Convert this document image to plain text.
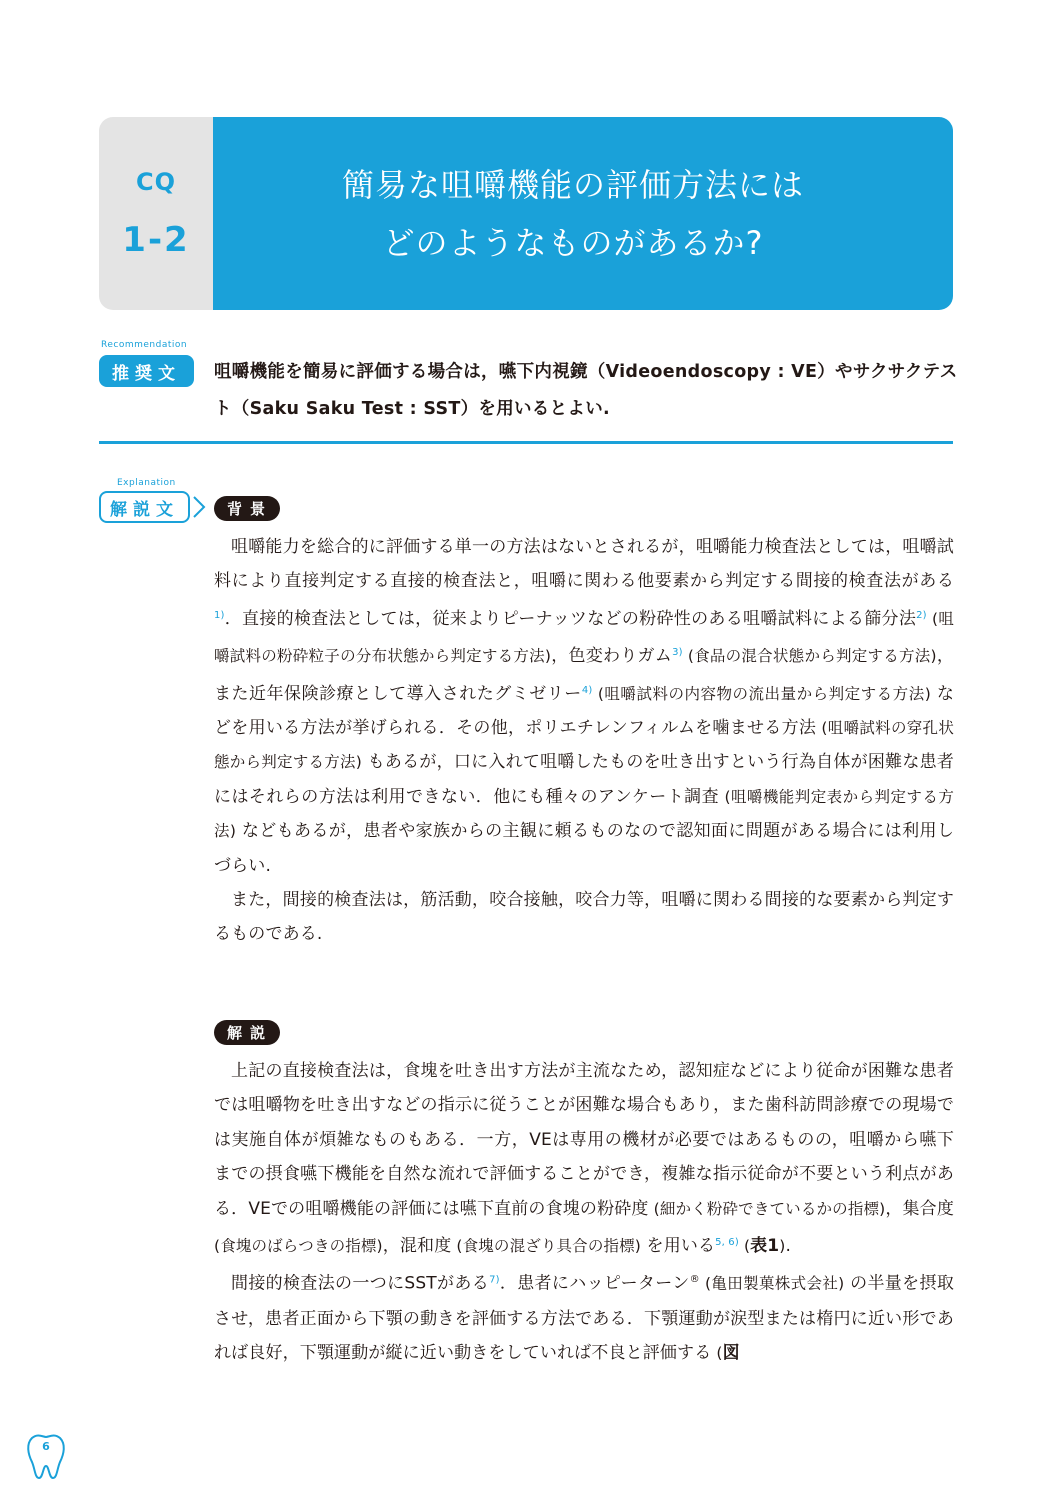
CQ
1-2
簡易な咀嚼機能の評価方法には
どのようなものがあるか?
Recommendation
推奨文	咀嚼機能を簡易に評価する場合は，嚥下内視鏡（Videoendoscopy : VE）やサクサクテスト（Saku Saku Test : SST）を用いるとよい.
Explanation
解説文	背景

咀嚼能力を総合的に評価する単一の方法はないとされるが，咀嚼能力検査法としては，咀嚼試料により直接判定する直接的検査法と，咀嚼に関わる他要素から判定する間接的検査法がある$^{1)}$．直接的検査法としては，従来よりピーナッツなどの粉砕性のある咀嚼試料による篩分法$^{2)}$ (咀嚼試料の粉砕粒子の分布状態から判定する方法)，色変わりガム$^{3)}$ (食品の混合状態から判定する方法)，また近年保険診療として導入されたグミゼリー$^{4)}$ (咀嚼試料の内容物の流出量から判定する方法) などを用いる方法が挙げられる．その他，ポリエチレンフィルムを噛ませる方法 (咀嚼試料の穿孔状態から判定する方法) もあるが，口に入れて咀嚼したものを吐き出すという行為自体が困難な患者にはそれらの方法は利用できない．他にも種々のアンケート調査 (咀嚼機能判定表から判定する方法) などもあるが，患者や家族からの主観に頼るものなので認知面に問題がある場合には利用しづらい.

また，間接的検査法は，筋活動，咬合接触，咬合力等，咀嚼に関わる間接的な要素から判定するものである.

解説

上記の直接検査法は，食塊を吐き出す方法が主流なため，認知症などにより従命が困難な患者では咀嚼物を吐き出すなどの指示に従うことが困難な場合もあり，また歯科訪問診療での現場では実施自体が煩雑なものもある．一方，VEは専用の機材が必要ではあるものの，咀嚼から嚥下までの摂食嚥下機能を自然な流れで評価することができ，複雑な指示従命が不要という利点がある．VEでの咀嚼機能の評価には嚥下直前の食塊の粉砕度 (細かく粉砕できているかの指標)，集合度 (食塊のばらつきの指標)，混和度 (食塊の混ざり具合の指標) を用いる$^{5, 6)}$ (表1).

間接的検査法の一つにSSTがある$^{7)}$．患者にハッピーターン® (亀田製菓株式会社) の半量を摂取させ，患者正面から下顎の動きを評価する方法である．下顎運動が涙型または楕円に近い形であれば良好，下顎運動が縦に近い動きをしていれば不良と評価する (図

6
